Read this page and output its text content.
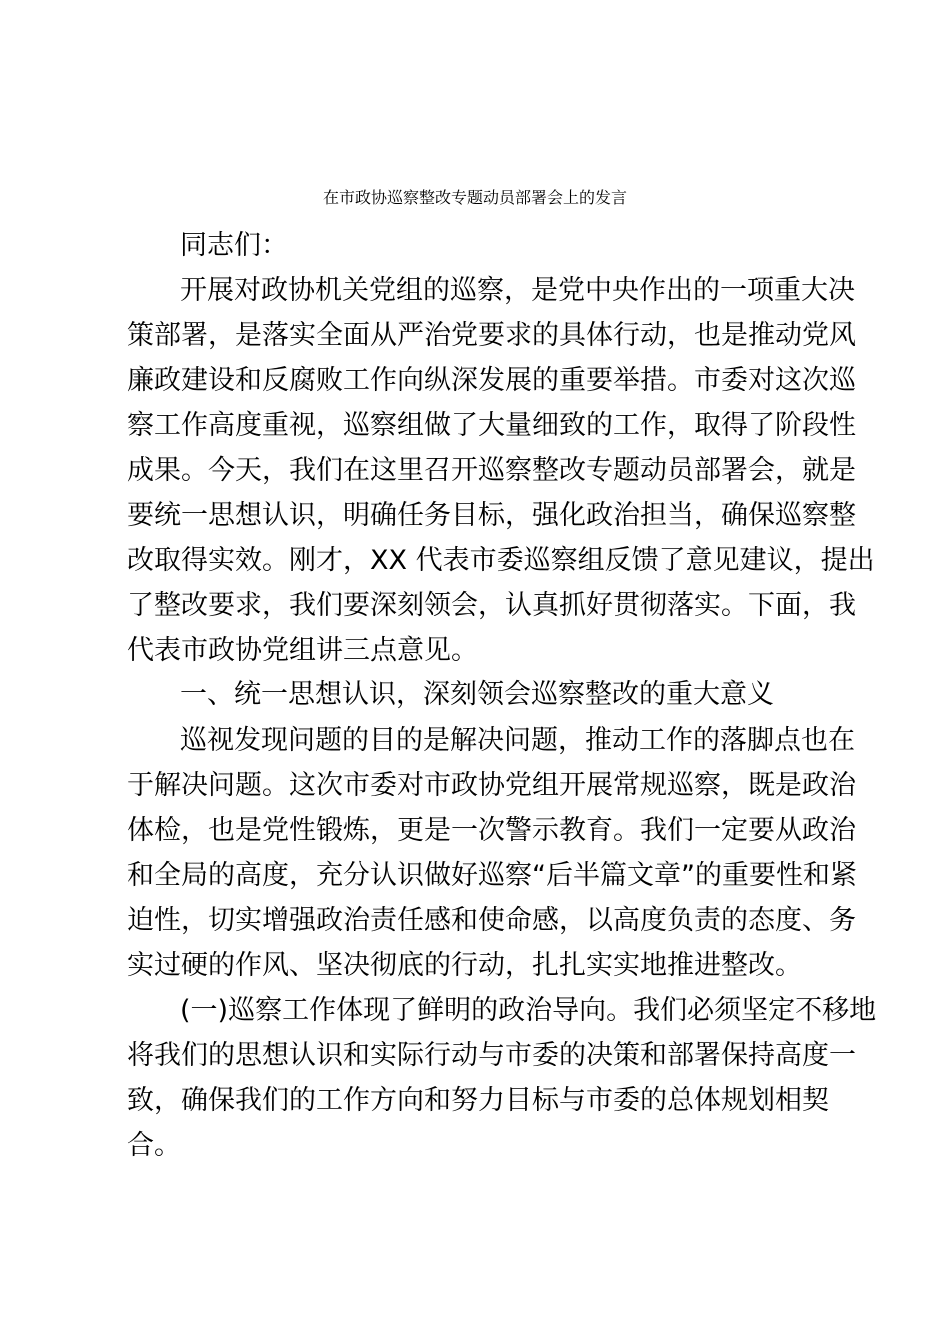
在市政协巡察整改专题动员部署会上的发言
同志们：
开展对政协机关党组的巡察，是党中央作出的一项重大决
策部署，是落实全面从严治党要求的具体行动，也是推动党风
廉政建设和反腐败工作向纵深发展的重要举措。市委对这次巡
察工作高度重视，巡察组做了大量细致的工作，取得了阶段性
成果。今天，我们在这里召开巡察整改专题动员部署会，就是
要统一思想认识，明确任务目标，强化政治担当，确保巡察整
改取得实效。刚才，XX 代表市委巡察组反馈了意见建议，提出
了整改要求，我们要深刻领会，认真抓好贯彻落实。下面，我
代表市政协党组讲三点意见。
一、统一思想认识，深刻领会巡察整改的重大意义
巡视发现问题的目的是解决问题，推动工作的落脚点也在
于解决问题。这次市委对市政协党组开展常规巡察，既是政治
体检，也是党性锻炼，更是一次警示教育。我们一定要从政治
和全局的高度，充分认识做好巡察“后半篇文章”的重要性和紧
迫性，切实增强政治责任感和使命感，以高度负责的态度、务
实过硬的作风、坚决彻底的行动，扎扎实实地推进整改。
(一)巡察工作体现了鲜明的政治导向。我们必须坚定不移地
将我们的思想认识和实际行动与市委的决策和部署保持高度一
致，确保我们的工作方向和努力目标与市委的总体规划相契
合。
